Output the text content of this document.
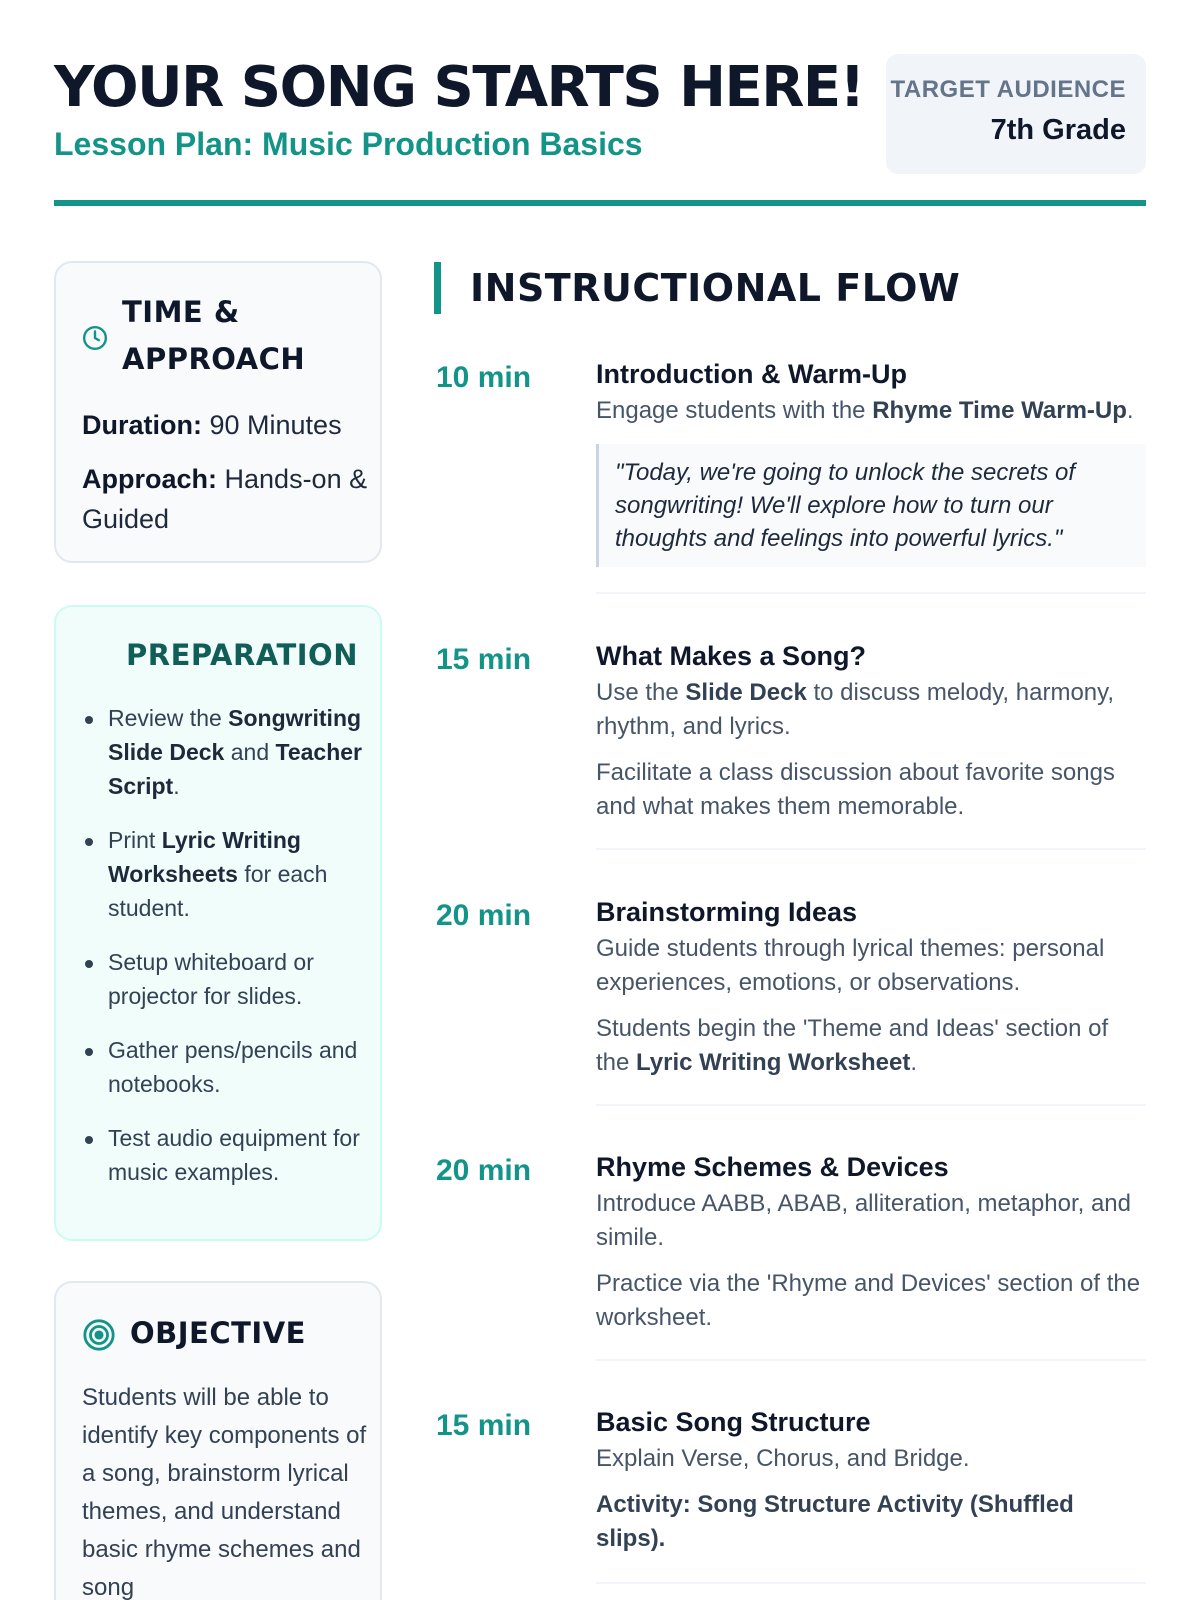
YOUR SONG STARTS HERE!
Lesson Plan: Music Production Basics
TARGET AUDIENCE
7th Grade
TIME & APPROACH
Duration: 90 Minutes
Approach: Hands-on & Guided
PREPARATION
Review the Songwriting Slide Deck and Teacher Script.
Print Lyric Writing Worksheets for each student.
Setup whiteboard or projector for slides.
Gather pens/pencils and notebooks.
Test audio equipment for music examples.
OBJECTIVE
Students will be able to identify key components of a song, brainstorm lyrical themes, and understand basic rhyme schemes and song
INSTRUCTIONAL FLOW
10 min Introduction & Warm-Up

Engage students with the Rhyme Time Warm-Up.

"Today, we're going to unlock the secrets of songwriting! We'll explore how to turn our thoughts and feelings into powerful lyrics."
15 min What Makes a Song?

Use the Slide Deck to discuss melody, harmony, rhythm, and lyrics.

Facilitate a class discussion about favorite songs and what makes them memorable.

20 min Brainstorming Ideas

Guide students through lyrical themes: personal experiences, emotions, or observations.

Students begin the 'Theme and Ideas' section of the Lyric Writing Worksheet.

20 min Rhyme Schemes & Devices

Introduce AABB, ABAB, alliteration, metaphor, and simile.

Practice via the 'Rhyme and Devices' section of the worksheet.

15 min Basic Song Structure

Explain Verse, Chorus, and Bridge.

Activity: Song Structure Activity (Shuffled slips).
